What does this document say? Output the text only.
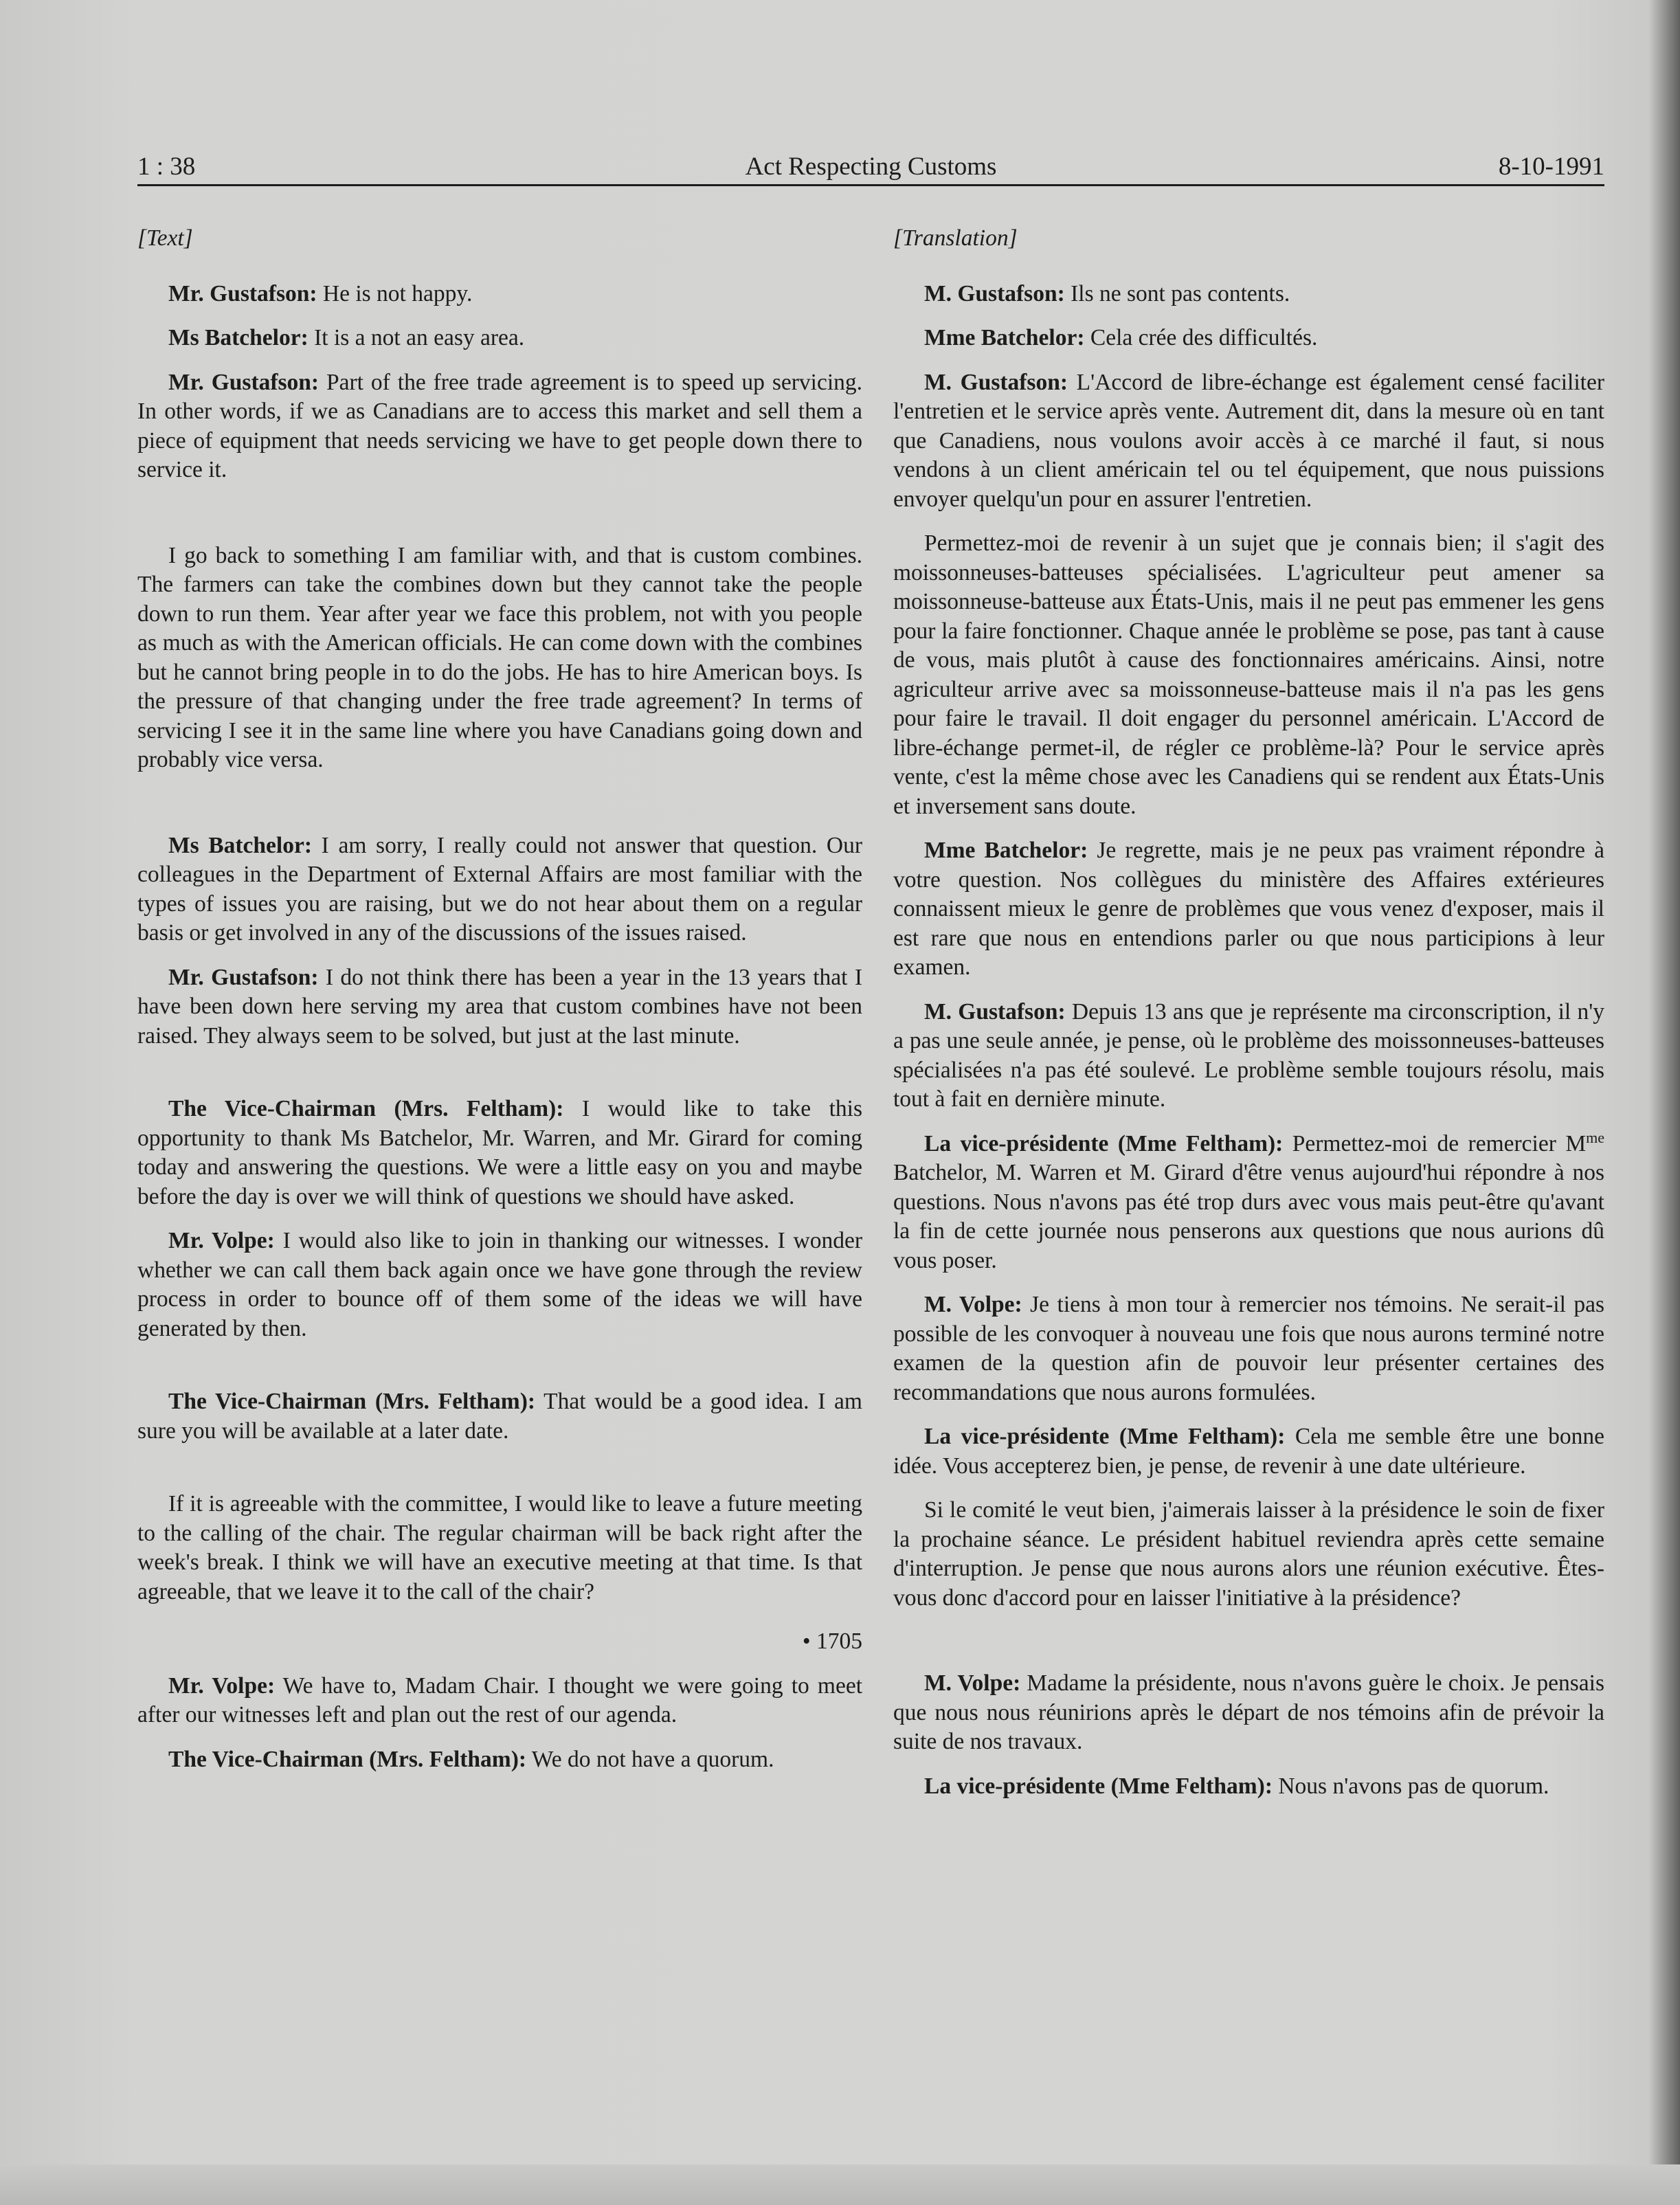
1 : 38	Act Respecting Customs	8-10-1991

[Text]

Mr. Gustafson: He is not happy.

Ms Batchelor: It is a not an easy area.

Mr. Gustafson: Part of the free trade agreement is to speed up servicing. In other words, if we as Canadians are to access this market and sell them a piece of equipment that needs servicing we have to get people down there to service it.

I go back to something I am familiar with, and that is custom combines. The farmers can take the combines down but they cannot take the people down to run them. Year after year we face this problem, not with you people as much as with the American officials. He can come down with the combines but he cannot bring people in to do the jobs. He has to hire American boys. Is the pressure of that changing under the free trade agreement? In terms of servicing I see it in the same line where you have Canadians going down and probably vice versa.

Ms Batchelor: I am sorry, I really could not answer that question. Our colleagues in the Department of External Affairs are most familiar with the types of issues you are raising, but we do not hear about them on a regular basis or get involved in any of the discussions of the issues raised.

Mr. Gustafson: I do not think there has been a year in the 13 years that I have been down here serving my area that custom combines have not been raised. They always seem to be solved, but just at the last minute.

The Vice-Chairman (Mrs. Feltham): I would like to take this opportunity to thank Ms Batchelor, Mr. Warren, and Mr. Girard for coming today and answering the questions. We were a little easy on you and maybe before the day is over we will think of questions we should have asked.

Mr. Volpe: I would also like to join in thanking our witnesses. I wonder whether we can call them back again once we have gone through the review process in order to bounce off of them some of the ideas we will have generated by then.

The Vice-Chairman (Mrs. Feltham): That would be a good idea. I am sure you will be available at a later date.

If it is agreeable with the committee, I would like to leave a future meeting to the calling of the chair. The regular chairman will be back right after the week's break. I think we will have an executive meeting at that time. Is that agreeable, that we leave it to the call of the chair?

• 1705

Mr. Volpe: We have to, Madam Chair. I thought we were going to meet after our witnesses left and plan out the rest of our agenda.

The Vice-Chairman (Mrs. Feltham): We do not have a quorum.

[Translation]

M. Gustafson: Ils ne sont pas contents.

Mme Batchelor: Cela crée des difficultés.

M. Gustafson: L'Accord de libre-échange est également censé faciliter l'entretien et le service après vente. Autrement dit, dans la mesure où en tant que Canadiens, nous voulons avoir accès à ce marché il faut, si nous vendons à un client américain tel ou tel équipement, que nous puissions envoyer quelqu'un pour en assurer l'entretien.

Permettez-moi de revenir à un sujet que je connais bien; il s'agit des moissonneuses-batteuses spécialisées. L'agriculteur peut amener sa moissonneuse-batteuse aux États-Unis, mais il ne peut pas emmener les gens pour la faire fonctionner. Chaque année le problème se pose, pas tant à cause de vous, mais plutôt à cause des fonctionnaires américains. Ainsi, notre agriculteur arrive avec sa moissonneuse-batteuse mais il n'a pas les gens pour faire le travail. Il doit engager du personnel américain. L'Accord de libre-échange permet-il, de régler ce problème-là? Pour le service après vente, c'est la même chose avec les Canadiens qui se rendent aux États-Unis et inversement sans doute.

Mme Batchelor: Je regrette, mais je ne peux pas vraiment répondre à votre question. Nos collègues du ministère des Affaires extérieures connaissent mieux le genre de problèmes que vous venez d'exposer, mais il est rare que nous en entendions parler ou que nous participions à leur examen.

M. Gustafson: Depuis 13 ans que je représente ma circonscription, il n'y a pas une seule année, je pense, où le problème des moissonneuses-batteuses spécialisées n'a pas été soulevé. Le problème semble toujours résolu, mais tout à fait en dernière minute.

La vice-présidente (Mme Feltham): Permettez-moi de remercier $M^{me}$ Batchelor, M. Warren et M. Girard d'être venus aujourd'hui répondre à nos questions. Nous n'avons pas été trop durs avec vous mais peut-être qu'avant la fin de cette journée nous penserons aux questions que nous aurions dû vous poser.

M. Volpe: Je tiens à mon tour à remercier nos témoins. Ne serait-il pas possible de les convoquer à nouveau une fois que nous aurons terminé notre examen de la question afin de pouvoir leur présenter certaines des recommandations que nous aurons formulées.

La vice-présidente (Mme Feltham): Cela me semble être une bonne idée. Vous accepterez bien, je pense, de revenir à une date ultérieure.

Si le comité le veut bien, j'aimerais laisser à la présidence le soin de fixer la prochaine séance. Le président habituel reviendra après cette semaine d'interruption. Je pense que nous aurons alors une réunion exécutive. Êtes-vous donc d'accord pour en laisser l'initiative à la présidence?

M. Volpe: Madame la présidente, nous n'avons guère le choix. Je pensais que nous nous réunirions après le départ de nos témoins afin de prévoir la suite de nos travaux.

La vice-présidente (Mme Feltham): Nous n'avons pas de quorum.
